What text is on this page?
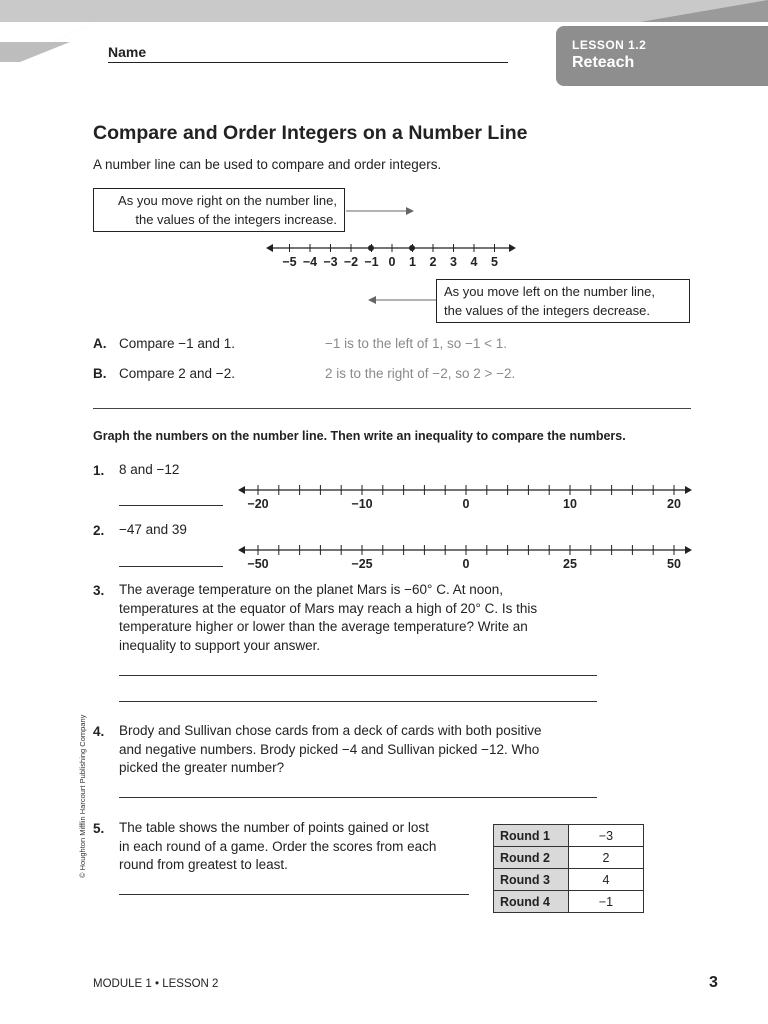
Name	LESSON 1.2
Reteach
Compare and Order Integers on a Number Line
A number line can be used to compare and order integers.
As you move right on the number line,
the values of the integers increase.
−5 −4 −3 −2 −1 0 1 2 3 4 5
As you move left on the number line,
the values of the integers decrease.
A. Compare −1 and 1.	−1 is to the left of 1, so −1 < 1.
B. Compare 2 and −2.	2 is to the right of −2, so 2 > −2.
Graph the numbers on the number line. Then write an inequality to compare the numbers.
1. 8 and −12
−20	−10	0	10	20
2. −47 and 39
−50	−25	0	25	50
3. The average temperature on the planet Mars is −60° C. At noon,
temperatures at the equator of Mars may reach a high of 20° C. Is this
temperature higher or lower than the average temperature? Write an
inequality to support your answer.
4. Brody and Sullivan chose cards from a deck of cards with both positive
and negative numbers. Brody picked −4 and Sullivan picked −12. Who
picked the greater number?
5. The table shows the number of points gained or lost
in each round of a game. Order the scores from each
round from greatest to least.
Round 1	−3
Round 2	2
Round 3	4
Round 4	−1
© Houghton Mifflin Harcourt Publishing Company
MODULE 1 • LESSON 2	3
